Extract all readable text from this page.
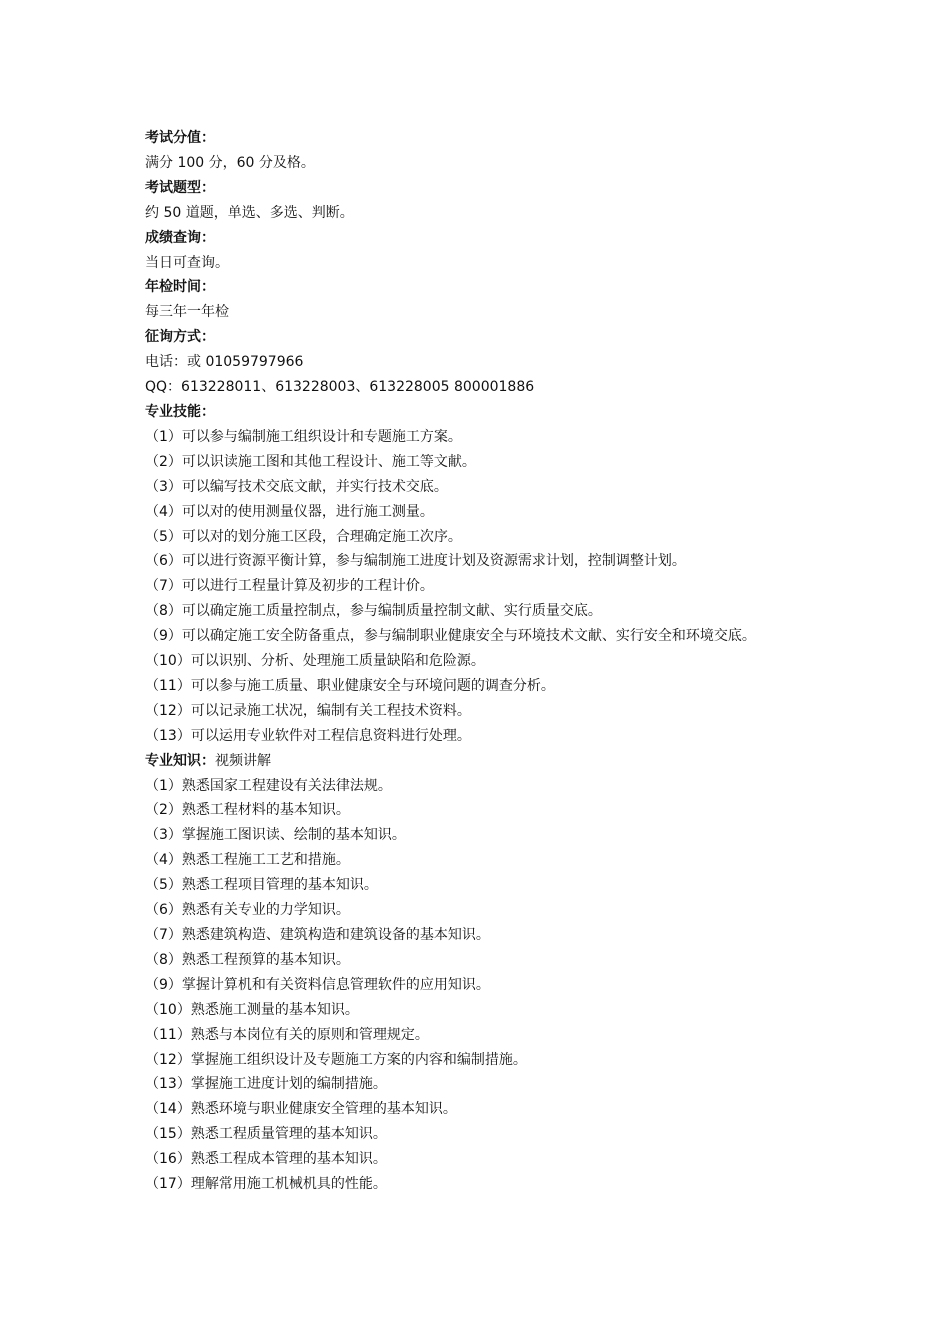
考试分值：
满分 100 分，60 分及格。
考试题型：
约 50 道题，单选、多选、判断。
成绩查询：
当日可查询。
年检时间：
每三年一年检
征询方式：
电话：或 01059797966
QQ：613228011、613228003、613228005 800001886
专业技能：
（1）可以参与编制施工组织设计和专题施工方案。
（2）可以识读施工图和其他工程设计、施工等文献。
（3）可以编写技术交底文献，并实行技术交底。
（4）可以对的使用测量仪器，进行施工测量。
（5）可以对的划分施工区段，合理确定施工次序。
（6）可以进行资源平衡计算，参与编制施工进度计划及资源需求计划，控制调整计划。
（7）可以进行工程量计算及初步的工程计价。
（8）可以确定施工质量控制点，参与编制质量控制文献、实行质量交底。
（9）可以确定施工安全防备重点，参与编制职业健康安全与环境技术文献、实行安全和环境交底。
（10）可以识别、分析、处理施工质量缺陷和危险源。
（11）可以参与施工质量、职业健康安全与环境问题的调查分析。
（12）可以记录施工状况，编制有关工程技术资料。
（13）可以运用专业软件对工程信息资料进行处理。
专业知识：视频讲解
（1）熟悉国家工程建设有关法律法规。
（2）熟悉工程材料的基本知识。
（3）掌握施工图识读、绘制的基本知识。
（4）熟悉工程施工工艺和措施。
（5）熟悉工程项目管理的基本知识。
（6）熟悉有关专业的力学知识。
（7）熟悉建筑构造、建筑构造和建筑设备的基本知识。
（8）熟悉工程预算的基本知识。
（9）掌握计算机和有关资料信息管理软件的应用知识。
（10）熟悉施工测量的基本知识。
（11）熟悉与本岗位有关的原则和管理规定。
（12）掌握施工组织设计及专题施工方案的内容和编制措施。
（13）掌握施工进度计划的编制措施。
（14）熟悉环境与职业健康安全管理的基本知识。
（15）熟悉工程质量管理的基本知识。
（16）熟悉工程成本管理的基本知识。
（17）理解常用施工机械机具的性能。
